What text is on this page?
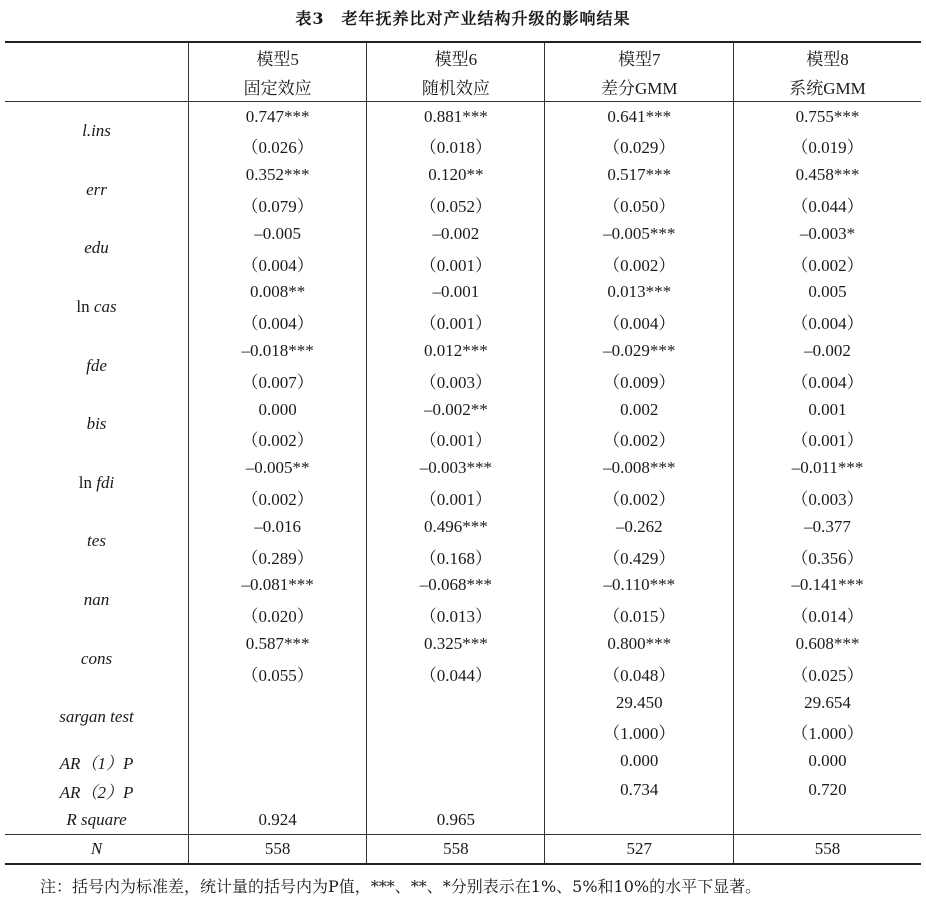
表3　老年抚养比对产业结构升级的影响结果
	模型5	模型6	模型7	模型8
	固定效应	随机效应	差分GMM	系统GMM
l.ins	0.747***	0.881***	0.641***	0.755***
	（0.026）	（0.018）	（0.029）	（0.019）
err	0.352***	0.120**	0.517***	0.458***
	（0.079）	（0.052）	（0.050）	（0.044）
edu	–0.005	–0.002	–0.005***	–0.003*
	（0.004）	（0.001）	（0.002）	（0.002）
ln cas	0.008**	–0.001	0.013***	0.005
	（0.004）	（0.001）	（0.004）	（0.004）
fde	–0.018***	0.012***	–0.029***	–0.002
	（0.007）	（0.003）	（0.009）	（0.004）
bis	0.000	–0.002**	0.002	0.001
	（0.002）	（0.001）	（0.002）	（0.001）
ln fdi	–0.005**	–0.003***	–0.008***	–0.011***
	（0.002）	（0.001）	（0.002）	（0.003）
tes	–0.016	0.496***	–0.262	–0.377
	（0.289）	（0.168）	（0.429）	（0.356）
nan	–0.081***	–0.068***	–0.110***	–0.141***
	（0.020）	（0.013）	（0.015）	（0.014）
cons	0.587***	0.325***	0.800***	0.608***
	（0.055）	（0.044）	（0.048）	（0.025）
sargan test			29.450	29.654
			（1.000）	（1.000）
AR（1）P			0.000	0.000
AR（2）P			0.734	0.720
R square	0.924	0.965		
N	558	558	527	558
注：括号内为标准差，统计量的括号内为P值，***、**、*分别表示在1%、5%和10%的水平下显著。
